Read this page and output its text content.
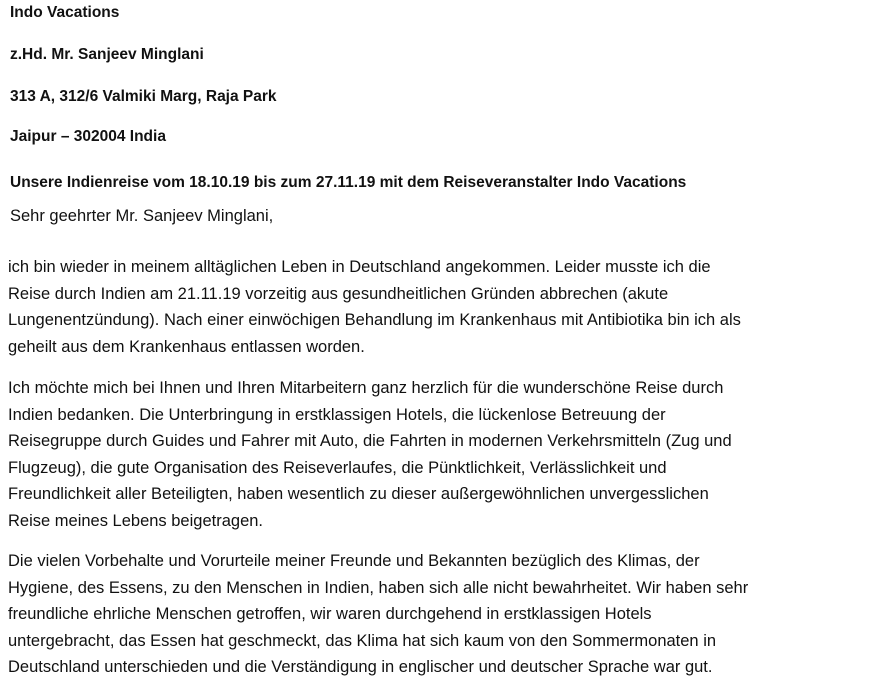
Indo Vacations

z.Hd. Mr. Sanjeev Minglani

313 A, 312/6 Valmiki Marg, Raja Park

Jaipur – 302004 India

Unsere Indienreise vom 18.10.19 bis zum 27.11.19 mit dem Reiseveranstalter Indo Vacations

Sehr geehrter Mr. Sanjeev Minglani,

ich bin wieder in meinem alltäglichen Leben in Deutschland angekommen. Leider musste ich die
Reise durch Indien am 21.11.19 vorzeitig aus gesundheitlichen Gründen abbrechen (akute
Lungenentzündung). Nach einer einwöchigen Behandlung im Krankenhaus mit Antibiotika bin ich als
geheilt aus dem Krankenhaus entlassen worden.
Ich möchte mich bei Ihnen und Ihren Mitarbeitern ganz herzlich für die wunderschöne Reise durch
Indien bedanken. Die Unterbringung in erstklassigen Hotels, die lückenlose Betreuung der
Reisegruppe durch Guides und Fahrer mit Auto, die Fahrten in modernen Verkehrsmitteln (Zug und
Flugzeug), die gute Organisation des Reiseverlaufes, die Pünktlichkeit, Verlässlichkeit und
Freundlichkeit aller Beteiligten, haben wesentlich zu dieser außergewöhnlichen unvergesslichen
Reise meines Lebens beigetragen.
Die vielen Vorbehalte und Vorurteile meiner Freunde und Bekannten bezüglich des Klimas, der
Hygiene, des Essens, zu den Menschen in Indien, haben sich alle nicht bewahrheitet. Wir haben sehr
freundliche ehrliche Menschen getroffen, wir waren durchgehend in erstklassigen Hotels
untergebracht, das Essen hat geschmeckt, das Klima hat sich kaum von den Sommermonaten in
Deutschland unterschieden und die Verständigung in englischer und deutscher Sprache war gut.
